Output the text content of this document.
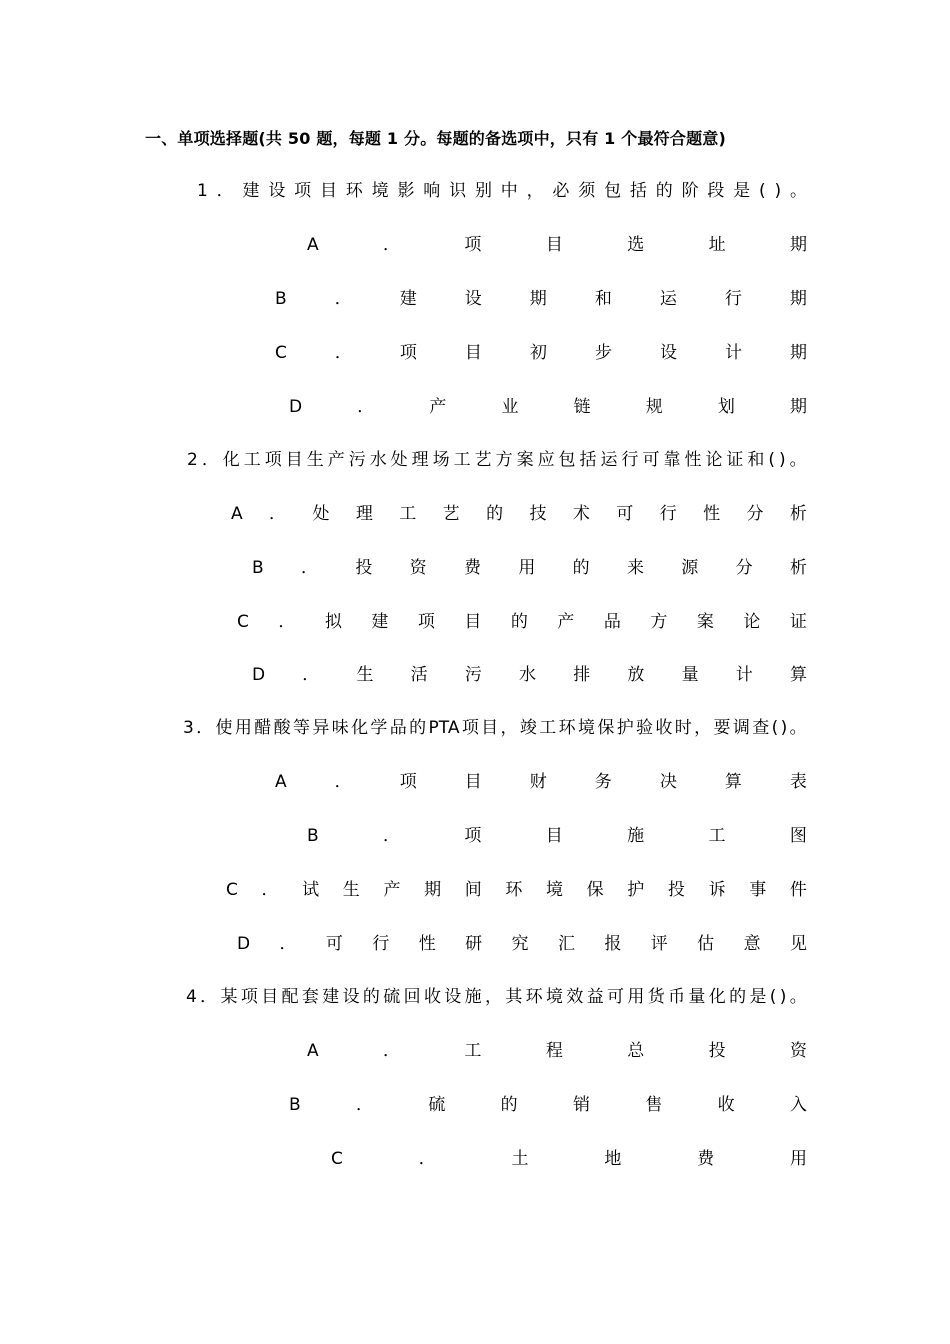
一、单项选择题(共 50 题，每题 1 分。每题的备选项中，只有 1 个最符合题意)
1 ． 建 设 项 目 环 境 影 响 识 别 中 ， 必 须 包 括 的 阶 段 是 ( ) 。
A	．	项	目	选	址	期
B	．	建	设	期	和	运	行	期
C	．	项	目	初	步	设	计	期
D	．	产	业	链	规	划	期
2 ． 化 工 项 目 生 产 污 水 处 理 场 工 艺 方 案 应 包 括 运 行 可 靠 性 论 证 和 ( ) 。
A ． 处 理 工 艺 的 技 术 可 行 性 分 析
B ． 投 资 费 用 的 来 源 分 析
C ． 拟 建 项 目 的 产 品 方 案 论 证
D ． 生 活 污 水 排 放 量 计 算
3 ． 使 用 醋 酸 等 异 味 化 学 品 的 PTA 项 目 ， 竣 工 环 境 保 护 验 收 时 ， 要 调 查 ( ) 。
A	．	项	目	财	务	决	算	表
B	．	项	目	施	工	图
C ． 试 生 产 期 间 环 境 保 护 投 诉 事 件
D ． 可 行 性 研 究 汇 报 评 估 意 见
4 ． 某 项 目 配 套 建 设 的 硫 回 收 设 施 ， 其 环 境 效 益 可 用 货 币 量 化 的 是 ( ) 。
A	．	工	程	总	投	资
B	．	硫	的	销	售	收	入
C	．	土	地	费	用
